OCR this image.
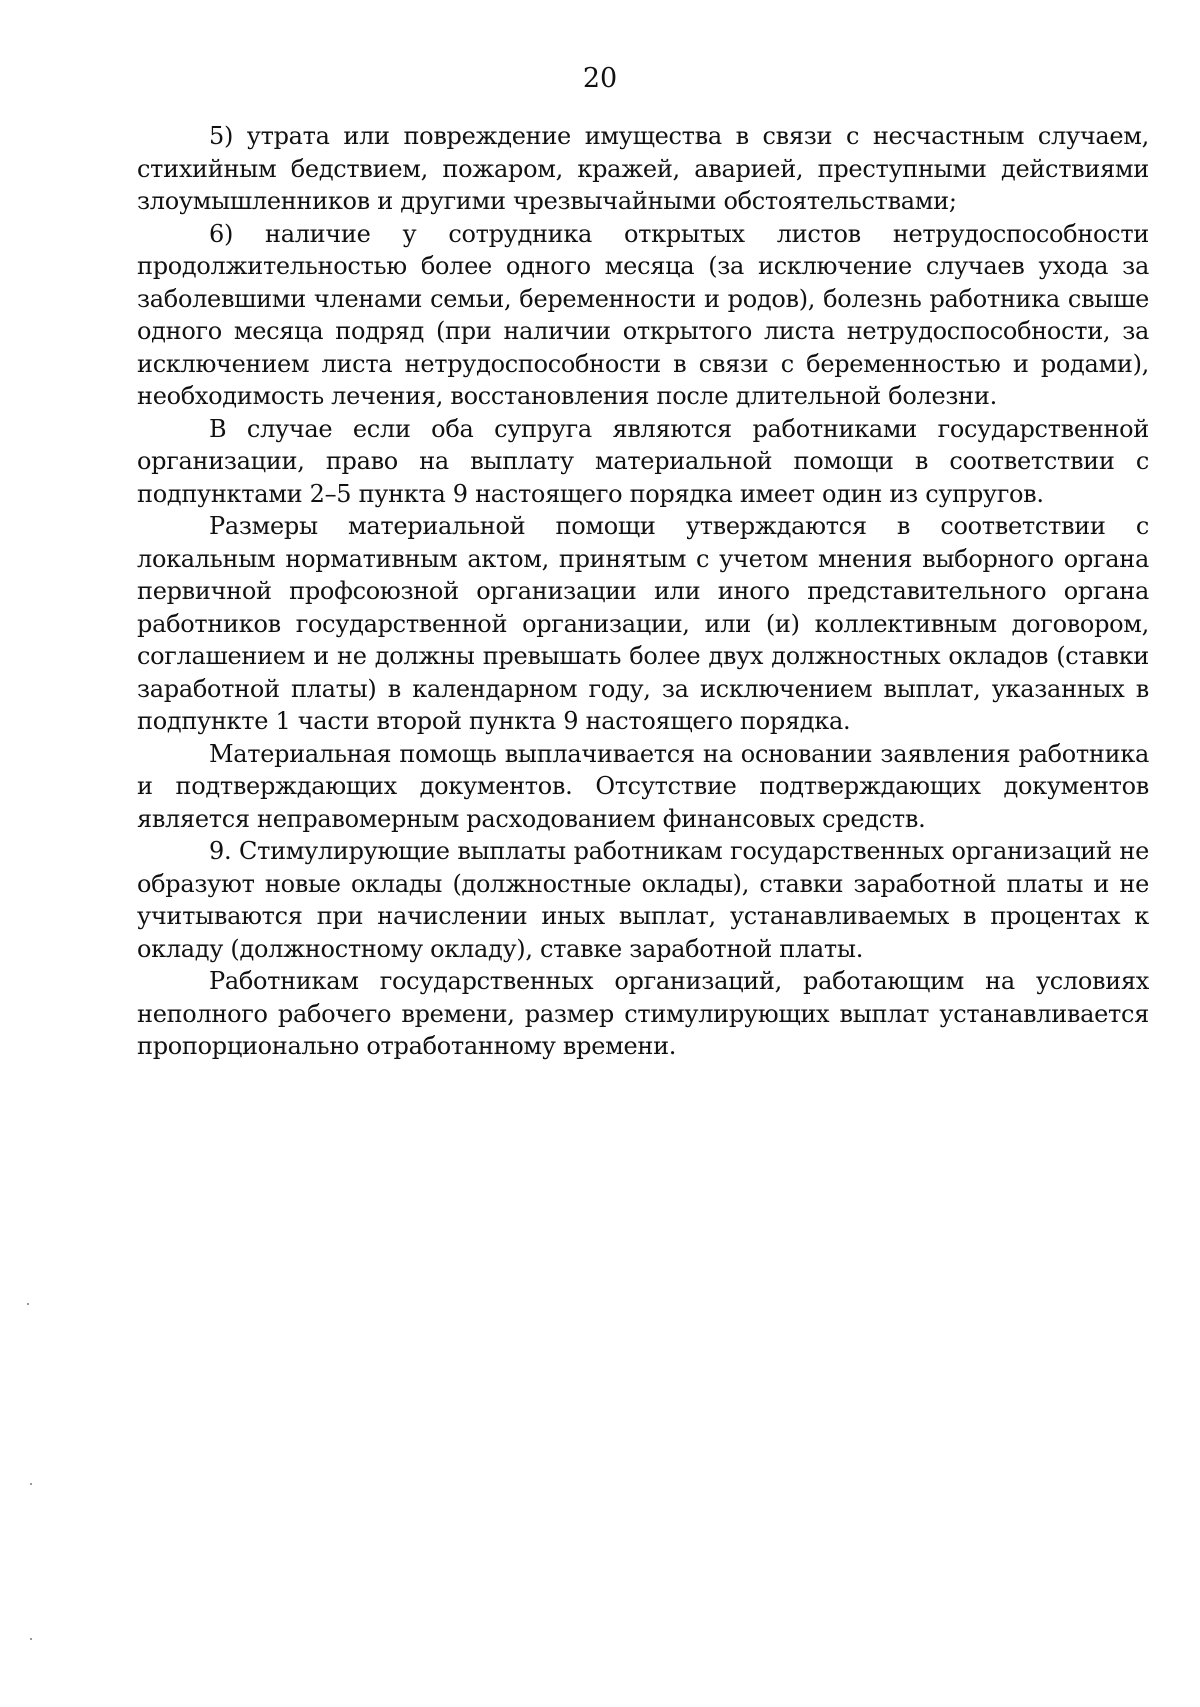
20

5) утрата или повреждение имущества в связи с несчастным случаем, стихийным бедствием, пожаром, кражей, аварией, преступными действиями злоумышленников и другими чрезвычайными обстоятельствами;

6) наличие у сотрудника открытых листов нетрудоспособности продолжительностью более одного месяца (за исключение случаев ухода за заболевшими членами семьи, беременности и родов), болезнь работника свыше одного месяца подряд (при наличии открытого листа нетрудоспособности, за исключением листа нетрудоспособности в связи с беременностью и родами), необходимость лечения, восстановления после длительной болезни.

В случае если оба супруга являются работниками государственной организации, право на выплату материальной помощи в соответствии с подпунктами 2–5 пункта 9 настоящего порядка имеет один из супругов.

Размеры материальной помощи утверждаются в соответствии с локальным нормативным актом, принятым с учетом мнения выборного органа первичной профсоюзной организации или иного представительного органа работников государственной организации, или (и) коллективным договором, соглашением и не должны превышать более двух должностных окладов (ставки заработной платы) в календарном году, за исключением выплат, указанных в подпункте 1 части второй пункта 9 настоящего порядка.

Материальная помощь выплачивается на основании заявления работника и подтверждающих документов. Отсутствие подтверждающих документов является неправомерным расходованием финансовых средств.

9. Стимулирующие выплаты работникам государственных организаций не образуют новые оклады (должностные оклады), ставки заработной платы и не учитываются при начислении иных выплат, устанавливаемых в процентах к окладу (должностному окладу), ставке заработной платы.

Работникам государственных организаций, работающим на условиях неполного рабочего времени, размер стимулирующих выплат устанавливается пропорционально отработанному времени.
